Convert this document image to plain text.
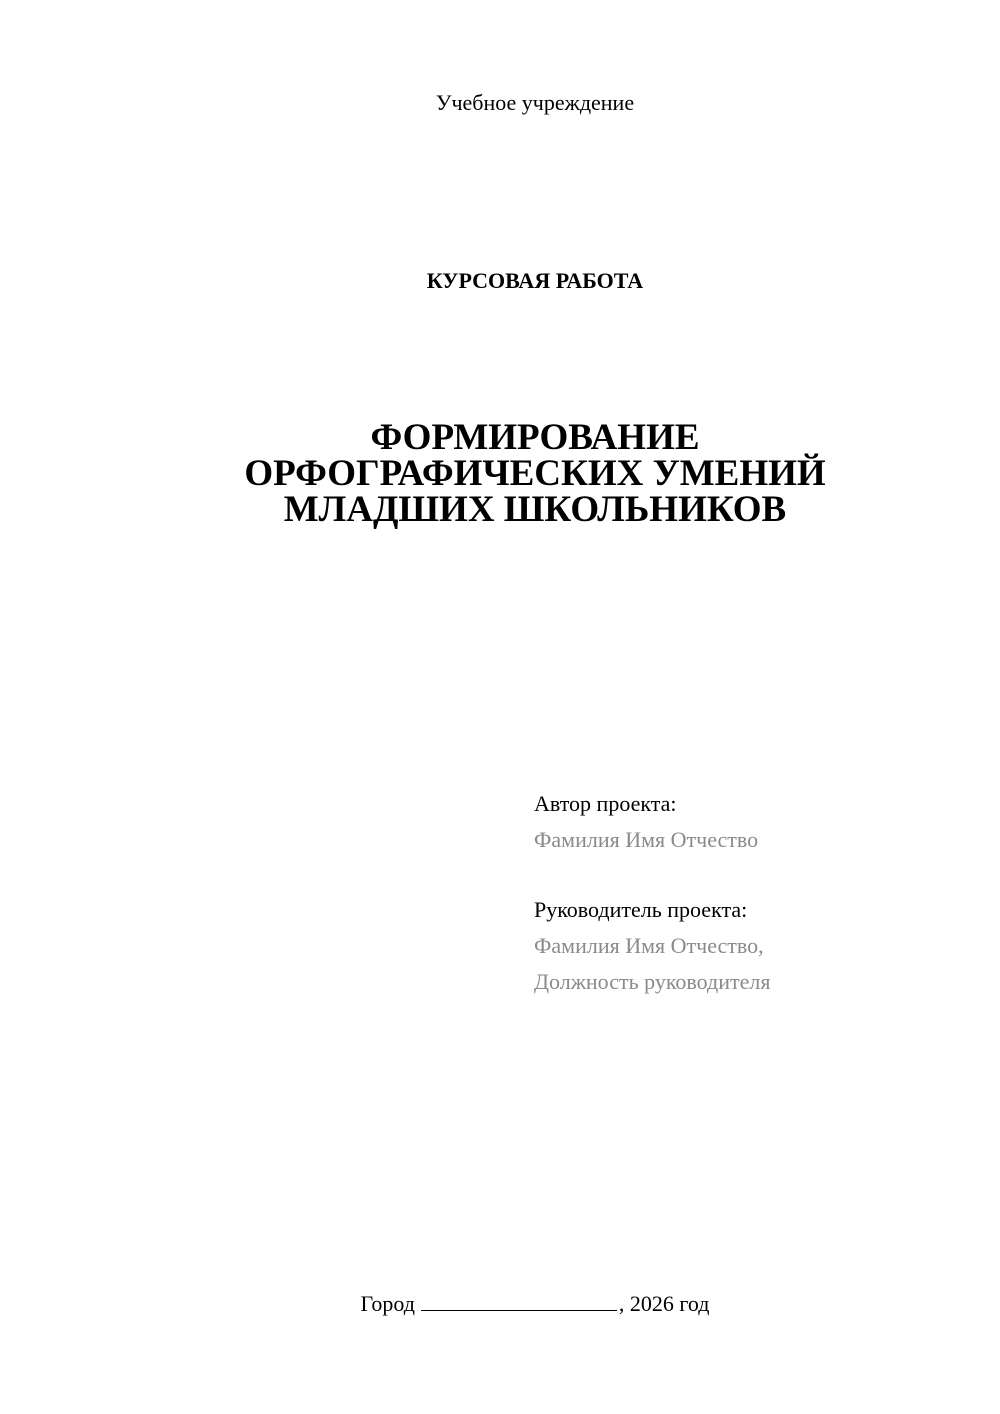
Учебное учреждение
КУРСОВАЯ РАБОТА
ФОРМИРОВАНИЕ
ОРФОГРАФИЧЕСКИХ УМЕНИЙ
МЛАДШИХ ШКОЛЬНИКОВ
Автор проекта:
Фамилия Имя Отчество
Руководитель проекта:
Фамилия Имя Отчество,
Должность руководителя
Город	, 2026 год
